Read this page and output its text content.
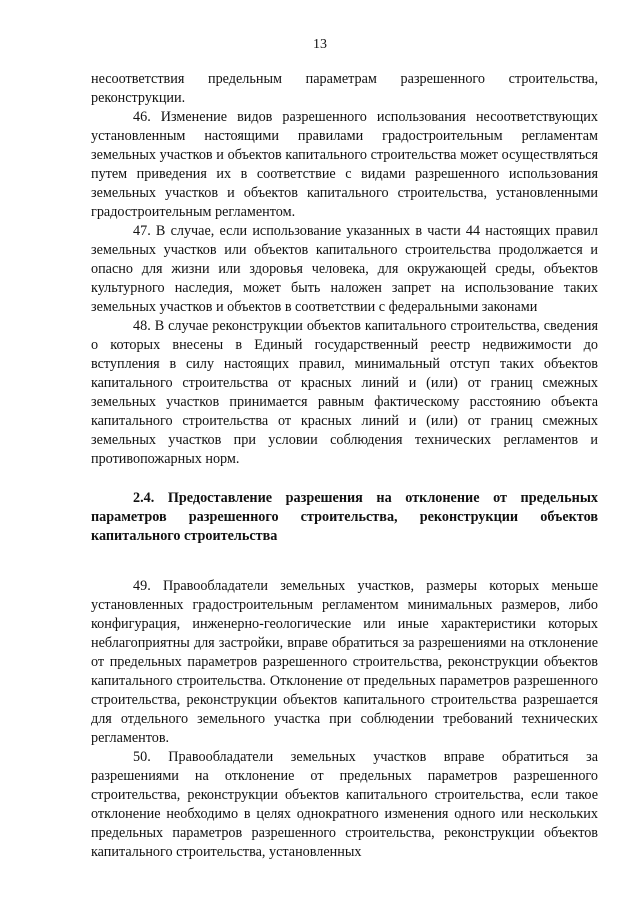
13

несоответствия предельным параметрам разрешенного строительства, реконструкции.

46. Изменение видов разрешенного использования несоответствующих установленным настоящими правилами градостроительным регламентам земельных участков и объектов капитального строительства может осуществляться путем приведения их в соответствие с видами разрешенного использования земельных участков и объектов капитального строительства, установленными градостроительным регламентом.

47. В случае, если использование указанных в части 44 настоящих правил земельных участков или объектов капитального строительства продолжается и опасно для жизни или здоровья человека, для окружающей среды, объектов культурного наследия, может быть наложен запрет на использование таких земельных участков и объектов в соответствии с федеральными законами

48. В случае реконструкции объектов капитального строительства, сведения о которых внесены в Единый государственный реестр недвижимости до вступления в силу настоящих правил, минимальный отступ таких объектов капитального строительства от красных линий и (или) от границ смежных земельных участков принимается равным фактическому расстоянию объекта капитального строительства от красных линий и (или) от границ смежных земельных участков при условии соблюдения технических регламентов и противопожарных норм.

2.4. Предоставление разрешения на отклонение от предельных параметров разрешенного строительства, реконструкции объектов капитального строительства

49. Правообладатели земельных участков, размеры которых меньше установленных градостроительным регламентом минимальных размеров, либо конфигурация, инженерно-геологические или иные характеристики которых неблагоприятны для застройки, вправе обратиться за разрешениями на отклонение от предельных параметров разрешенного строительства, реконструкции объектов капитального строительства. Отклонение от предельных параметров разрешенного строительства, реконструкции объектов капитального строительства разрешается для отдельного земельного участка при соблюдении требований технических регламентов.

50. Правообладатели земельных участков вправе обратиться за разрешениями на отклонение от предельных параметров разрешенного строительства, реконструкции объектов капитального строительства, если такое отклонение необходимо в целях однократного изменения одного или нескольких предельных параметров разрешенного строительства, реконструкции объектов капитального строительства, установленных
